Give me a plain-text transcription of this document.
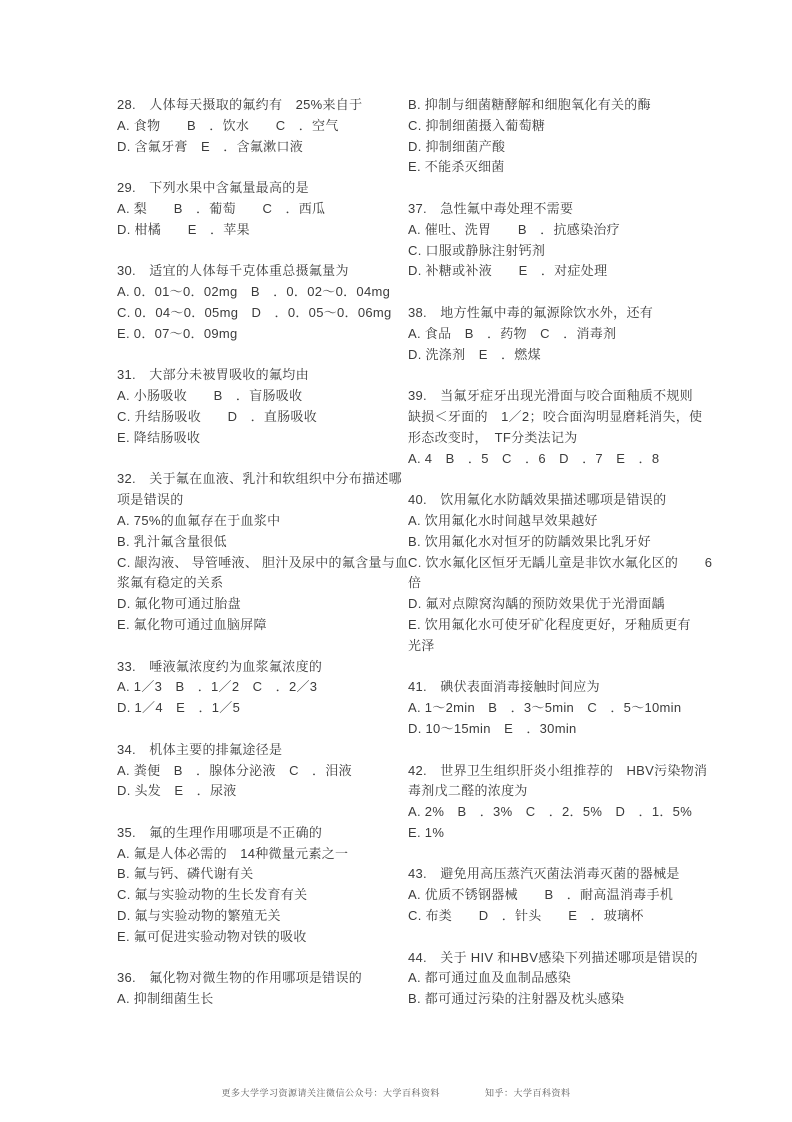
28.　人体每天摄取的氟约有　25%来自于
A. 食物　　B　．饮水　　C　．空气
D. 含氟牙膏　E　．含氟漱口液
29.　下列水果中含氟量最高的是
A. 梨　　B　．葡萄　　C　．西瓜
D. 柑橘　　E　．苹果
30.　适宜的人体每千克体重总摄氟量为
A. 0．01～0．02mg　B　．0．02～0．04mg
C. 0．04～0．05mg　D　．0．05～0．06mg
E. 0．07～0．09mg
31.　大部分未被胃吸收的氟均由
A. 小肠吸收　　B　．盲肠吸收
C. 升结肠吸收　　D　．直肠吸收
E. 降结肠吸收
32.　关于氟在血液、乳汁和软组织中分布描述哪
项是错误的
A. 75%的血氟存在于血浆中
B. 乳汁氟含量很低
C. 龈沟液、 导管唾液、 胆汁及尿中的氟含量与血
浆氟有稳定的关系
D. 氟化物可通过胎盘
E. 氟化物可通过血脑屏障
33.　唾液氟浓度约为血浆氟浓度的
A. 1／3　B　．1／2　C　．2／3
D. 1／4　E　．1／5
34.　机体主要的排氟途径是
A. 粪便　B　．腺体分泌液　C　．泪液
D. 头发　E　．尿液
35.　氟的生理作用哪项是不正确的
A. 氟是人体必需的　14种微量元素之一
B. 氟与钙、磷代谢有关
C. 氟与实验动物的生长发育有关
D. 氟与实验动物的繁殖无关
E. 氟可促进实验动物对铁的吸收
36.　氟化物对微生物的作用哪项是错误的
A. 抑制细菌生长
B. 抑制与细菌糖酵解和细胞氧化有关的酶
C. 抑制细菌摄入葡萄糖
D. 抑制细菌产酸
E. 不能杀灭细菌
37.　急性氟中毒处理不需要
A. 催吐、洗胃　　B　．抗感染治疗
C. 口服或静脉注射钙剂
D. 补糖或补液　　E　．对症处理
38.　地方性氟中毒的氟源除饮水外，还有
A. 食品　B　．药物　C　．消毒剂
D. 洗涤剂　E　．燃煤
39.　当氟牙症牙出现光滑面与咬合面釉质不规则
缺损＜牙面的　1／2；咬合面沟明显磨耗消失，使
形态改变时，　TF分类法记为
A. 4　B　．5　C　．6　D　．7　E　．8
40.　饮用氟化水防龋效果描述哪项是错误的
A. 饮用氟化水时间越早效果越好
B. 饮用氟化水对恒牙的防龋效果比乳牙好
C. 饮水氟化区恒牙无龋儿童是非饮水氟化区的　　6
倍
D. 氟对点隙窝沟龋的预防效果优于光滑面龋
E. 饮用氟化水可使牙矿化程度更好，牙釉质更有
光泽
41.　碘伏表面消毒接触时间应为
A. 1～2min　B　．3～5min　C　．5～10min
D. 10～15min　E　．30min
42.　世界卫生组织肝炎小组推荐的　HBV污染物消
毒剂戊二醛的浓度为
A. 2%　B　．3%　C　．2．5%　D　．1．5%
E. 1%
43.　避免用高压蒸汽灭菌法消毒灭菌的器械是
A. 优质不锈钢器械　　B　．耐高温消毒手机
C. 布类　　D　．针头　　E　．玻璃杯
44.　关于 HIV 和HBV感染下列描述哪项是错误的
A. 都可通过血及血制品感染
B. 都可通过污染的注射器及枕头感染
更多大学学习资源请关注微信公众号：大学百科资料	知乎：大学百科资料
